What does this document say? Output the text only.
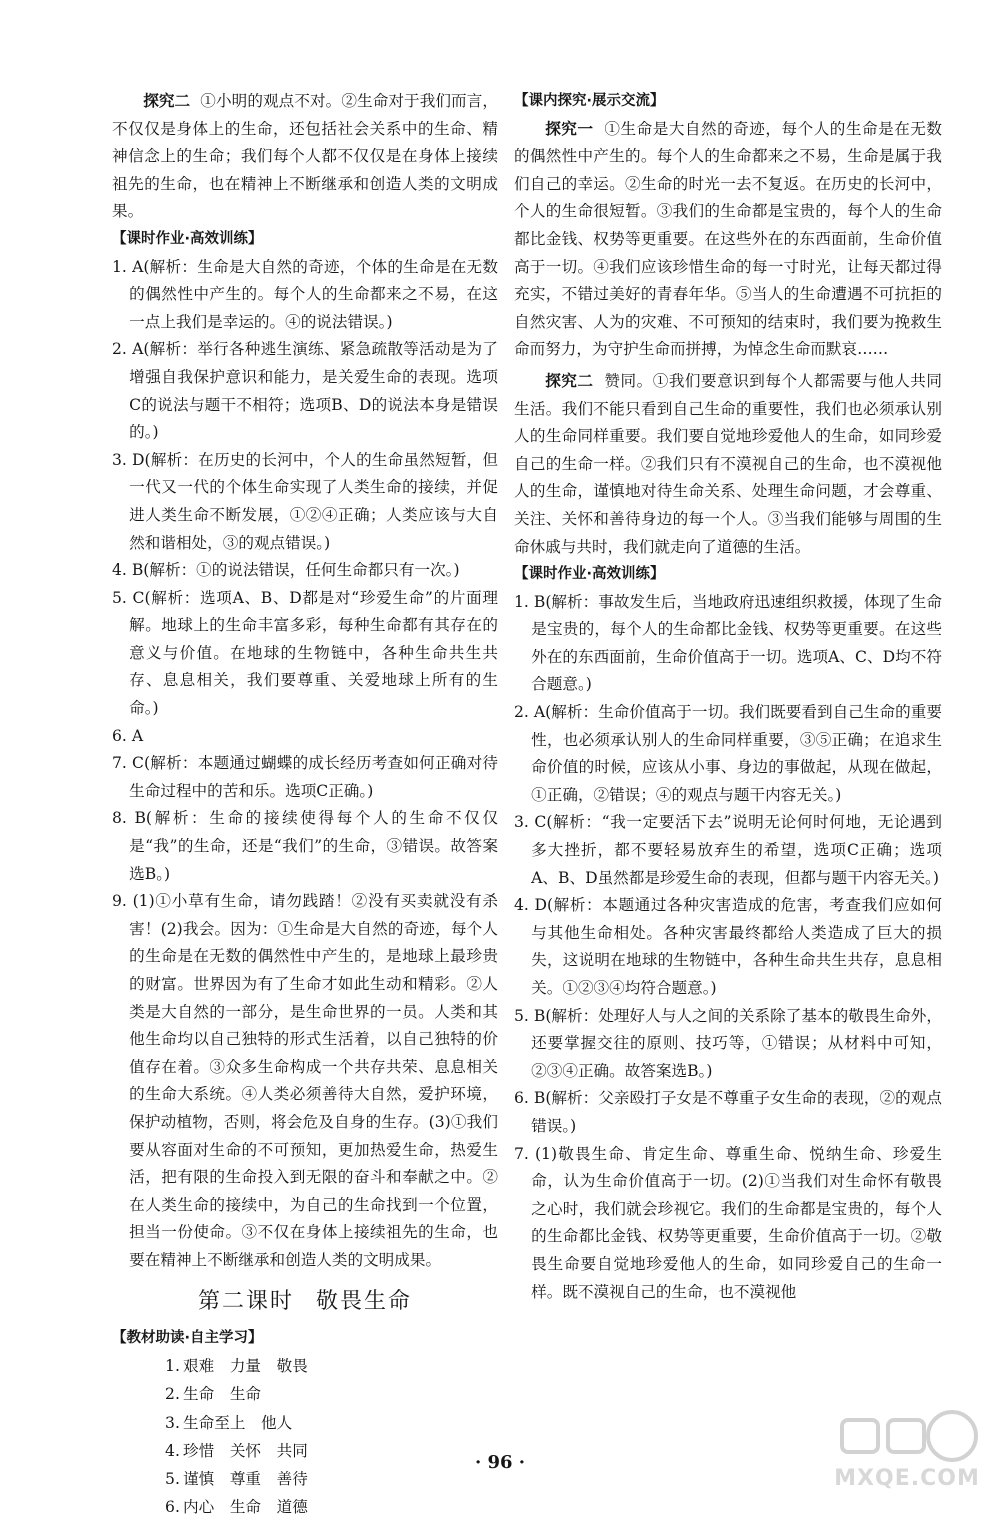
探究二 ①小明的观点不对。②生命对于我们而言，不仅仅是身体上的生命，还包括社会关系中的生命、精神信念上的生命；我们每个人都不仅仅是在身体上接续祖先的生命，也在精神上不断继承和创造人类的文明成果。

【课时作业·高效训练】

1. A(解析：生命是大自然的奇迹，个体的生命是在无数的偶然性中产生的。每个人的生命都来之不易，在这一点上我们是幸运的。④的说法错误。)

2. A(解析：举行各种逃生演练、紧急疏散等活动是为了增强自我保护意识和能力，是关爱生命的表现。选项C的说法与题干不相符；选项B、D的说法本身是错误的。)

3. D(解析：在历史的长河中，个人的生命虽然短暂，但一代又一代的个体生命实现了人类生命的接续，并促进人类生命不断发展，①②④正确；人类应该与大自然和谐相处，③的观点错误。)

4. B(解析：①的说法错误，任何生命都只有一次。)

5. C(解析：选项A、B、D都是对“珍爱生命”的片面理解。地球上的生命丰富多彩，每种生命都有其存在的意义与价值。在地球的生物链中，各种生命共生共存、息息相关，我们要尊重、关爱地球上所有的生命。)

6. A

7. C(解析：本题通过蝴蝶的成长经历考查如何正确对待生命过程中的苦和乐。选项C正确。)

8. B(解析：生命的接续使得每个人的生命不仅仅是“我”的生命，还是“我们”的生命，③错误。故答案选B。)

9. (1)①小草有生命，请勿践踏！②没有买卖就没有杀害！(2)我会。因为：①生命是大自然的奇迹，每个人的生命是在无数的偶然性中产生的，是地球上最珍贵的财富。世界因为有了生命才如此生动和精彩。②人类是大自然的一部分，是生命世界的一员。人类和其他生命均以自己独特的形式生活着，以自己独特的价值存在着。③众多生命构成一个共存共荣、息息相关的生命大系统。④人类必须善待大自然，爱护环境，保护动植物，否则，将会危及自身的生存。(3)①我们要从容面对生命的不可预知，更加热爱生命，热爱生活，把有限的生命投入到无限的奋斗和奉献之中。②在人类生命的接续中，为自己的生命找到一个位置，担当一份使命。③不仅在身体上接续祖先的生命，也要在精神上不断继承和创造人类的文明成果。

第二课时 敬畏生命

【教材助读·自主学习】

1. 艰难 力量 敬畏

2. 生命 生命

3. 生命至上 他人

4. 珍惜 关怀 共同

5. 谨慎 尊重 善待

6. 内心 生命 道德

【课内探究·展示交流】

探究一 ①生命是大自然的奇迹，每个人的生命是在无数的偶然性中产生的。每个人的生命都来之不易，生命是属于我们自己的幸运。②生命的时光一去不复返。在历史的长河中，个人的生命很短暂。③我们的生命都是宝贵的，每个人的生命都比金钱、权势等更重要。在这些外在的东西面前，生命价值高于一切。④我们应该珍惜生命的每一寸时光，让每天都过得充实，不错过美好的青春年华。⑤当人的生命遭遇不可抗拒的自然灾害、人为的灾难、不可预知的结束时，我们要为挽救生命而努力，为守护生命而拼搏，为悼念生命而默哀……

探究二 赞同。①我们要意识到每个人都需要与他人共同生活。我们不能只看到自己生命的重要性，我们也必须承认别人的生命同样重要。我们要自觉地珍爱他人的生命，如同珍爱自己的生命一样。②我们只有不漠视自己的生命，也不漠视他人的生命，谨慎地对待生命关系、处理生命问题，才会尊重、关注、关怀和善待身边的每一个人。③当我们能够与周围的生命休戚与共时，我们就走向了道德的生活。

【课时作业·高效训练】

1. B(解析：事故发生后，当地政府迅速组织救援，体现了生命是宝贵的，每个人的生命都比金钱、权势等更重要。在这些外在的东西面前，生命价值高于一切。选项A、C、D均不符合题意。)

2. A(解析：生命价值高于一切。我们既要看到自己生命的重要性，也必须承认别人的生命同样重要，③⑤正确；在追求生命价值的时候，应该从小事、身边的事做起，从现在做起，①正确，②错误；④的观点与题干内容无关。)

3. C(解析：“我一定要活下去”说明无论何时何地，无论遇到多大挫折，都不要轻易放弃生的希望，选项C正确；选项A、B、D虽然都是珍爱生命的表现，但都与题干内容无关。)

4. D(解析：本题通过各种灾害造成的危害，考查我们应如何与其他生命相处。各种灾害最终都给人类造成了巨大的损失，这说明在地球的生物链中，各种生命共生共存，息息相关。①②③④均符合题意。)

5. B(解析：处理好人与人之间的关系除了基本的敬畏生命外，还要掌握交往的原则、技巧等，①错误；从材料中可知，②③④正确。故答案选B。)

6. B(解析：父亲殴打子女是不尊重子女生命的表现，②的观点错误。)

7. (1)敬畏生命、肯定生命、尊重生命、悦纳生命、珍爱生命，认为生命价值高于一切。(2)①当我们对生命怀有敬畏之心时，我们就会珍视它。我们的生命都是宝贵的，每个人的生命都比金钱、权势等更重要，生命价值高于一切。②敬畏生命要自觉地珍爱他人的生命，如同珍爱自己的生命一样。既不漠视自己的生命，也不漠视他

· 96 ·
MXQE.COM
